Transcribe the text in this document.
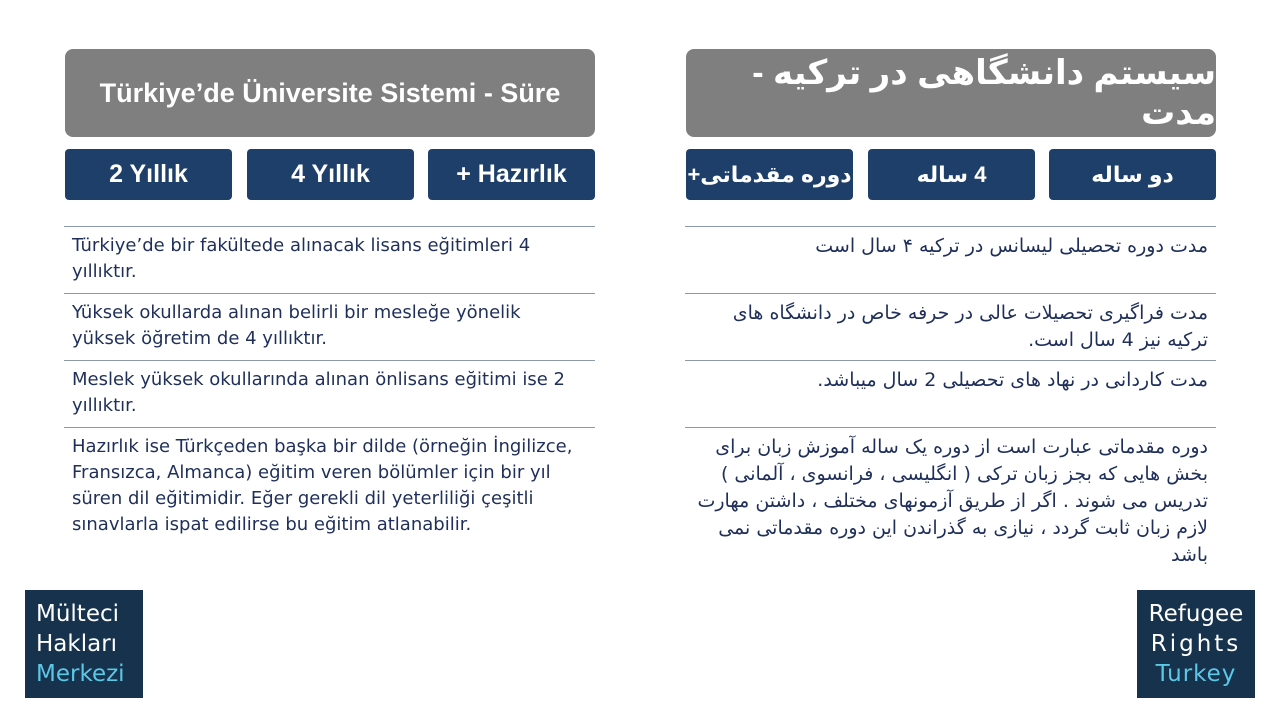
Türkiye’de Üniversite Sistemi - Süre
سیستم دانشگاهی در ترکیه - مدت
2 Yıllık	4 Yıllık	+ Hazırlık	دوره مقدماتی+	4 ساله	دو ساله
Türkiye’de bir fakültede alınacak lisans eğitimleri 4 yıllıktır.
Yüksek okullarda alınan belirli bir mesleğe yönelik yüksek öğretim de 4 yıllıktır.
Meslek yüksek okullarında alınan önlisans eğitimi ise 2 yıllıktır.
Hazırlık ise Türkçeden başka bir dilde (örneğin İngilizce, Fransızca, Almanca) eğitim veren bölümler için bir yıl süren dil eğitimidir. Eğer gerekli dil yeterliliği çeşitli sınavlarla ispat edilirse bu eğitim atlanabilir.
مدت دوره تحصیلی لیسانس در ترکیه ۴ سال است
مدت فراگیری تحصیلات عالی در حرفه خاص در دانشگاه های ترکیه نیز 4 سال است.
مدت کاردانی در نهاد های تحصیلی 2 سال میباشد.
دوره مقدماتی عبارت است از دوره یک ساله آموزش زبان برای بخش هایی که بجز زبان ترکی ( انگلیسی ، فرانسوی ، آلمانی ) تدریس می شوند . اگر از طریق آزمونهای مختلف ، داشتن مهارت لازم زبان ثابت گردد ، نیازی به گذراندن این دوره مقدماتی نمی باشد
Mülteci
Hakları
Merkezi
Refugee
Rights
Turkey
